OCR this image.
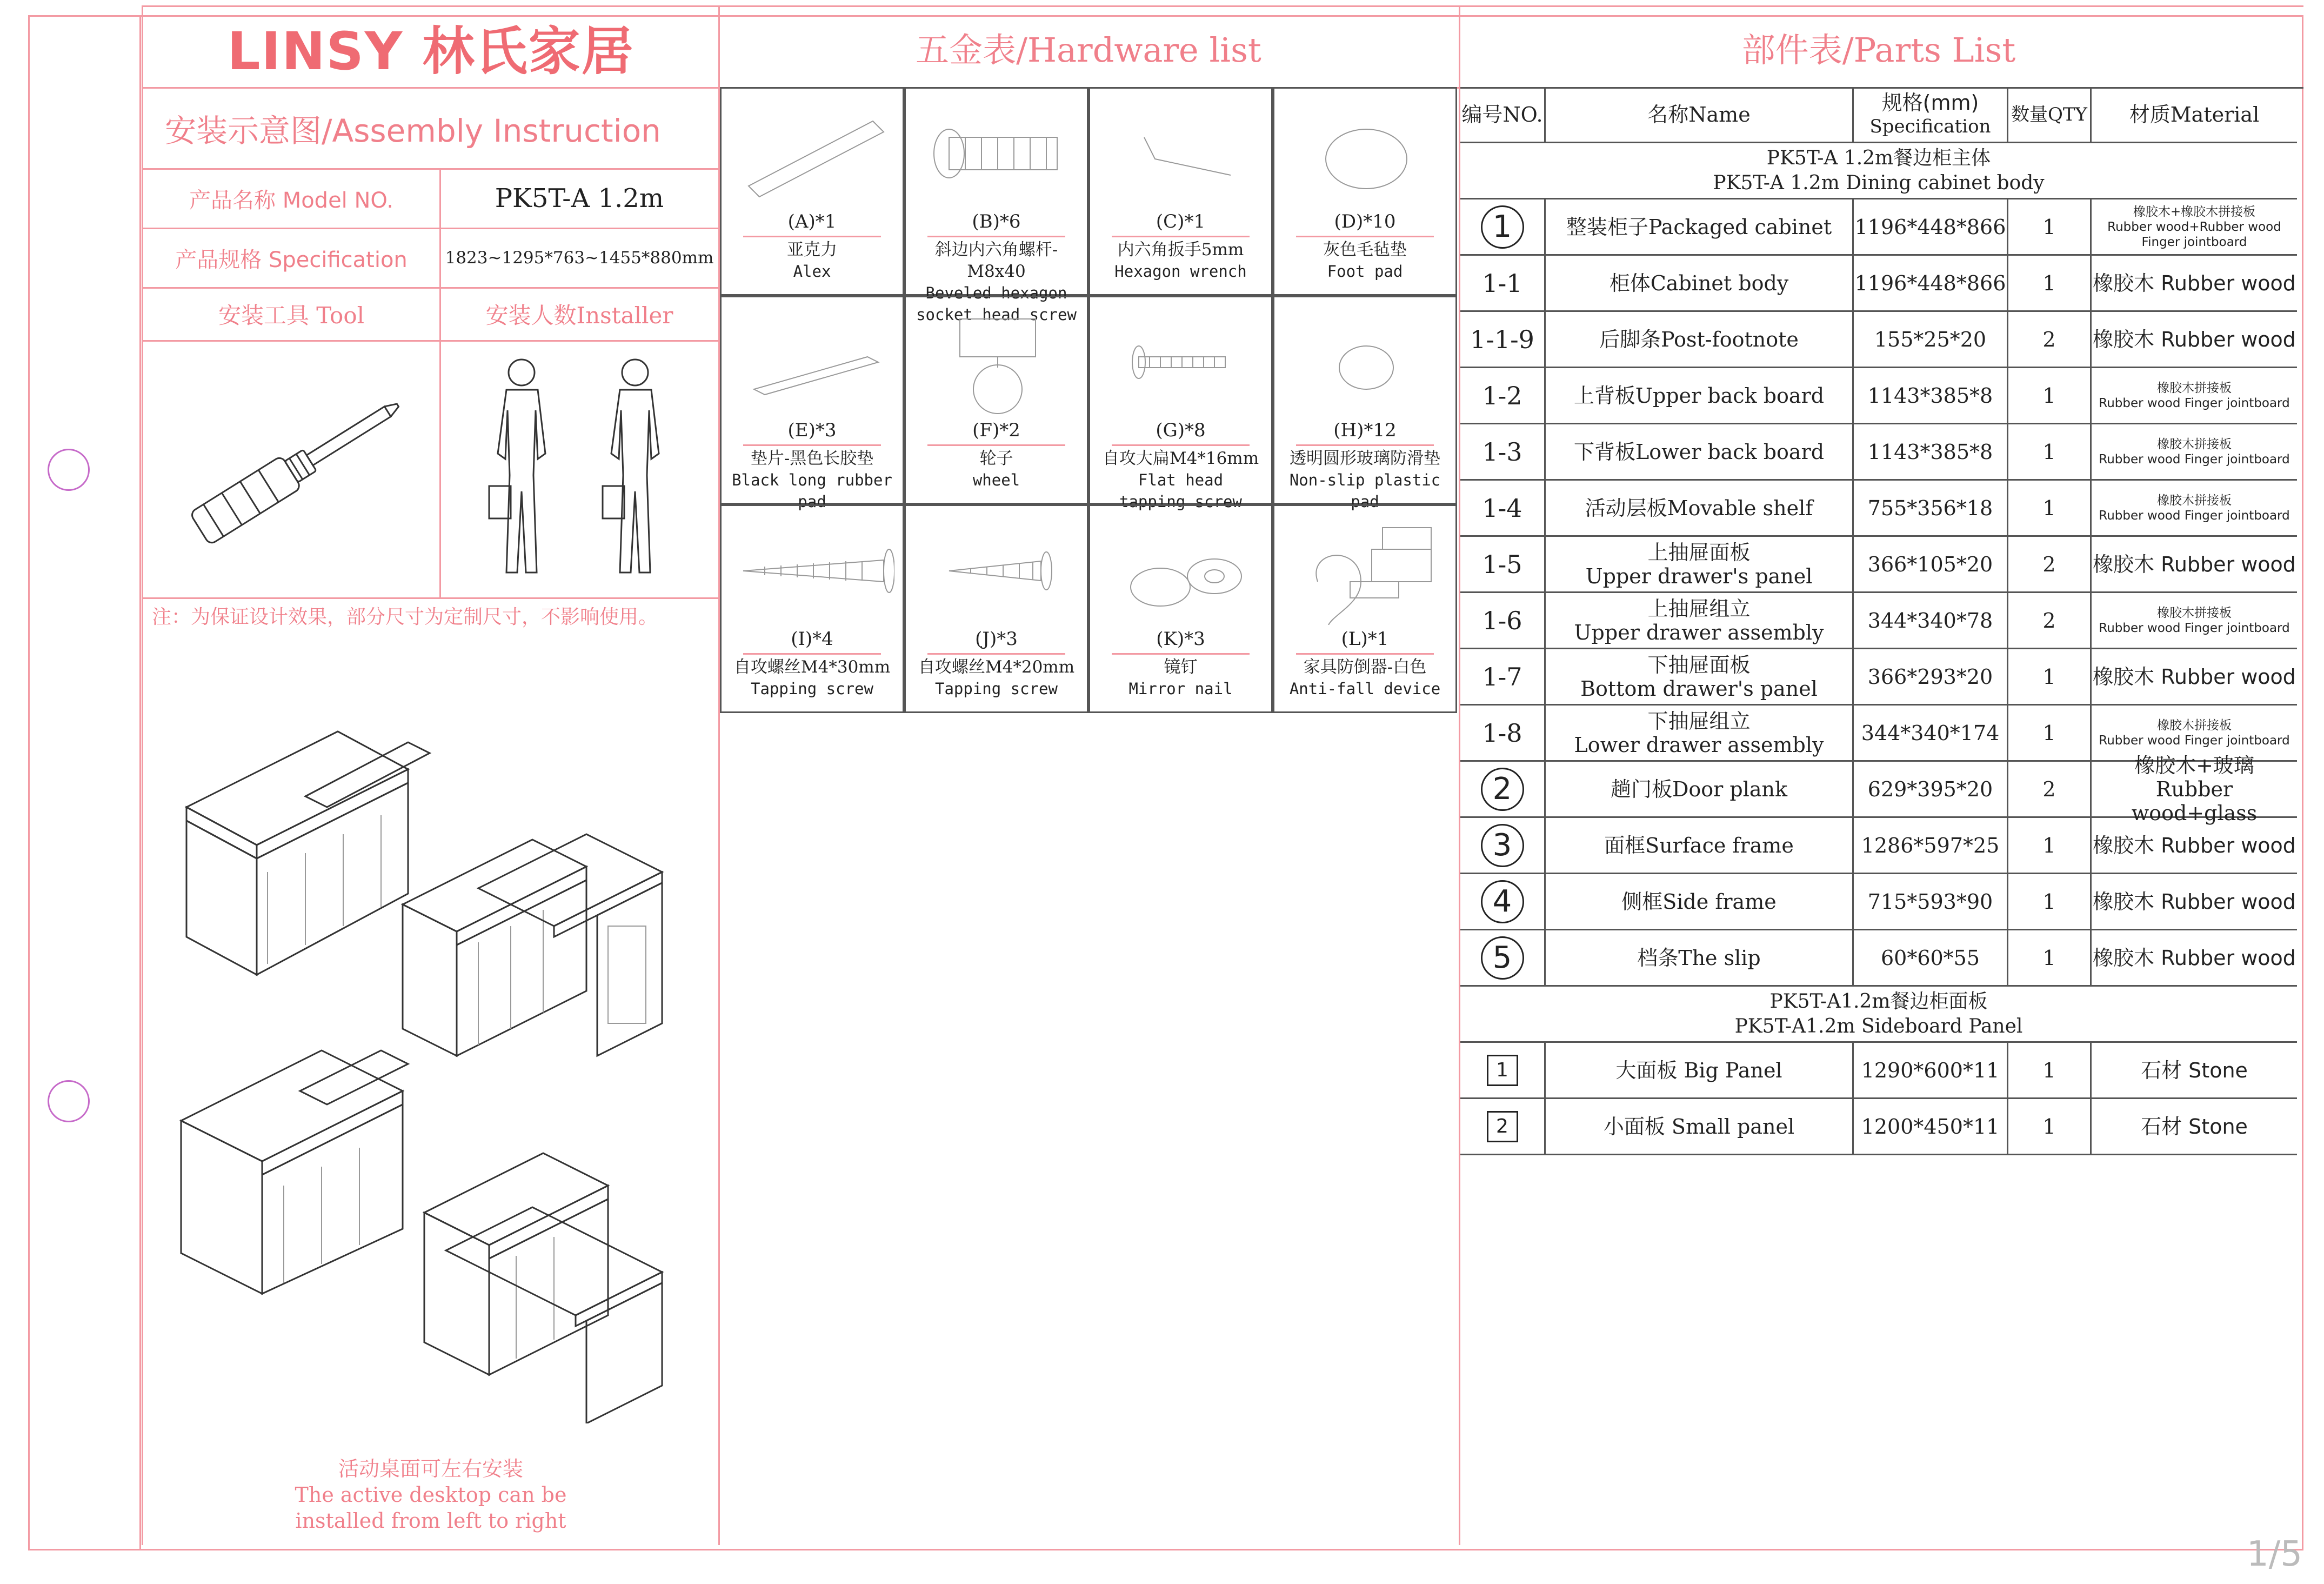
LINSY 林氏家居
安装示意图/Assembly Instruction
产品名称 Model NO.	PK5T-A 1.2m
产品规格 Specification	1823~1295*763~1455*880mm
安装工具 Tool	安装人数Installer
注：为保证设计效果，部分尺寸为定制尺寸，不影响使用。
活动桌面可左右安装
The active desktop can be
installed from left to right
五金表/Hardware list
(A)*1
亚克力
Alex
(B)*6
斜边内六角螺杆-M8x40
Beveled hexagon
socket head screw
(C)*1
内六角扳手5mm
Hexagon wrench
(D)*10
灰色毛毡垫
Foot pad
(E)*3
垫片-黑色长胶垫
Black long rubber pad
(F)*2
轮子
wheel
(G)*8
自攻大扁M4*16mm
Flat head
tapping screw
(H)*12
透明圆形玻璃防滑垫
Non-slip plastic pad
(I)*4
自攻螺丝M4*30mm
Tapping screw
(J)*3
自攻螺丝M4*20mm
Tapping screw
(K)*3
镜钉
Mirror nail
(L)*1
家具防倒器-白色
Anti-fall device
部件表/Parts List
编号NO.	名称Name	规格(mm)
Specification
数量QTY	材质Material
PK5T-A 1.2m餐边柜主体
PK5T-A 1.2m Dining cabinet body
1	整装柜子Packaged cabinet 1196*448*866	1
橡胶木+橡胶木拼接板
Rubber wood+Rubber wood
Finger jointboard
1-1	柜体Cabinet body	1196*448*866	1	橡胶木 Rubber wood
1-1-9	后脚条Post-footnote	155*25*20	2	橡胶木 Rubber wood
1-2	上背板Upper back board	1143*385*8	1	橡胶木拼接板
Rubber wood Finger jointboard
1-3	下背板Lower back board	1143*385*8	1	橡胶木拼接板
Rubber wood Finger jointboard
1-4	活动层板Movable shelf	755*356*18	1	橡胶木拼接板
Rubber wood Finger jointboard
1-5	上抽屉面板
Upper drawer's panel	366*105*20	2	橡胶木 Rubber wood
1-6	上抽屉组立
Upper drawer assembly	344*340*78	2	橡胶木拼接板
Rubber wood Finger jointboard
1-7	下抽屉面板
Bottom drawer's panel	366*293*20	1	橡胶木 Rubber wood
1-8	下抽屉组立
Lower drawer assembly	344*340*174	1	橡胶木拼接板
Rubber wood Finger jointboard
2	趟门板Door plank	629*395*20	2
橡胶木+玻璃
Rubber wood+glass
3	面框Surface frame	1286*597*25	1	橡胶木 Rubber wood
4	侧框Side frame	715*593*90	1	橡胶木 Rubber wood
5	档条The slip	60*60*55	1	橡胶木 Rubber wood
PK5T-A1.2m餐边柜面板
PK5T-A1.2m Sideboard Panel
1	大面板 Big Panel	1290*600*11	1	石材 Stone
2	小面板 Small panel	1200*450*11	1	石材 Stone
1/5
